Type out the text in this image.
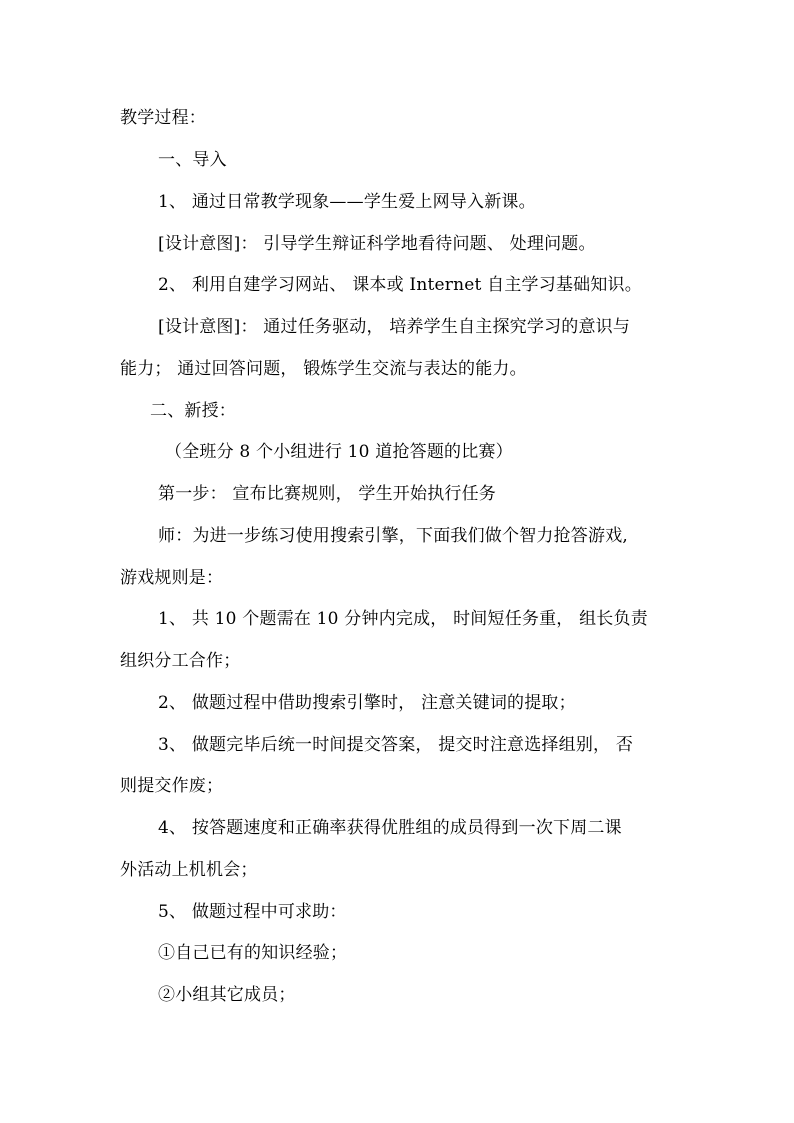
教学过程：
一、导入
1、 通过日常教学现象——学生爱上网导入新课。
[设计意图]： 引导学生辩证科学地看待问题、 处理问题。
2、 利用自建学习网站、 课本或 Internet 自主学习基础知识。
[设计意图]： 通过任务驱动， 培养学生自主探究学习的意识与
能力； 通过回答问题， 锻炼学生交流与表达的能力。
二、新授：
（全班分 8 个小组进行 10 道抢答题的比赛）
第一步： 宣布比赛规则， 学生开始执行任务
师：为进一步练习使用搜索引擎，下面我们做个智力抢答游戏,
游戏规则是：
1、 共 10 个题需在 10 分钟内完成， 时间短任务重， 组长负责
组织分工合作；
2、 做题过程中借助搜索引擎时， 注意关键词的提取；
3、 做题完毕后统一时间提交答案， 提交时注意选择组别， 否
则提交作废；
4、 按答题速度和正确率获得优胜组的成员得到一次下周二课
外活动上机机会；
5、 做题过程中可求助：
①自己已有的知识经验；
②小组其它成员；
